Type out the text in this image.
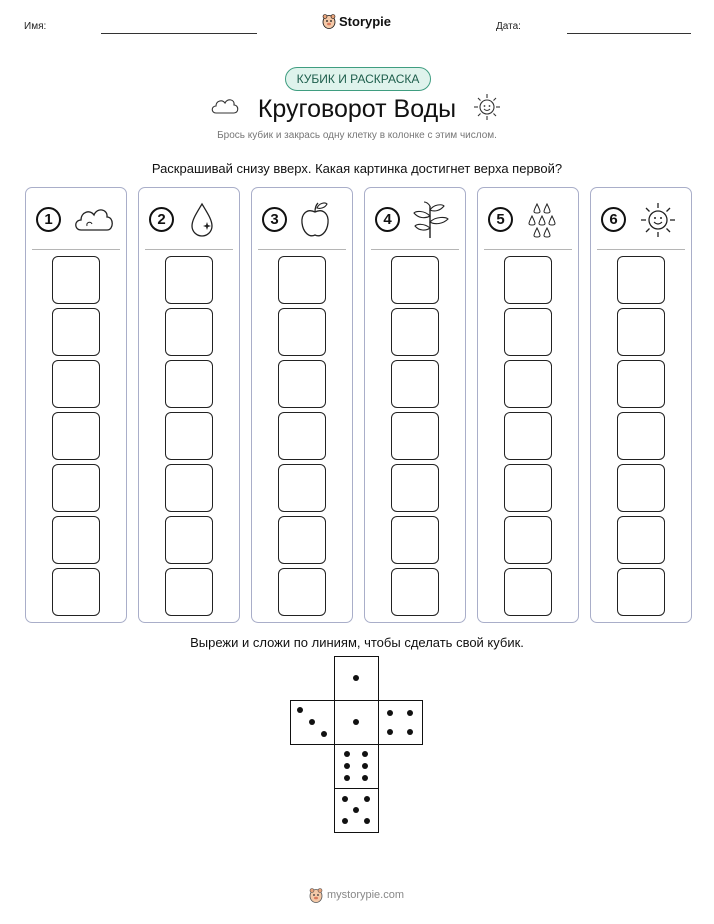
Имя:	Storypie	Дата:
КУБИК И РАСКРАСКА
Круговорот Воды
Брось кубик и закрась одну клетку в колонке с этим числом.
Раскрашивай снизу вверх. Какая картинка достигнет верха первой?
1	2	3	4	5	6
Вырежи и сложи по линиям, чтобы сделать свой кубик.
mystorypie.com
